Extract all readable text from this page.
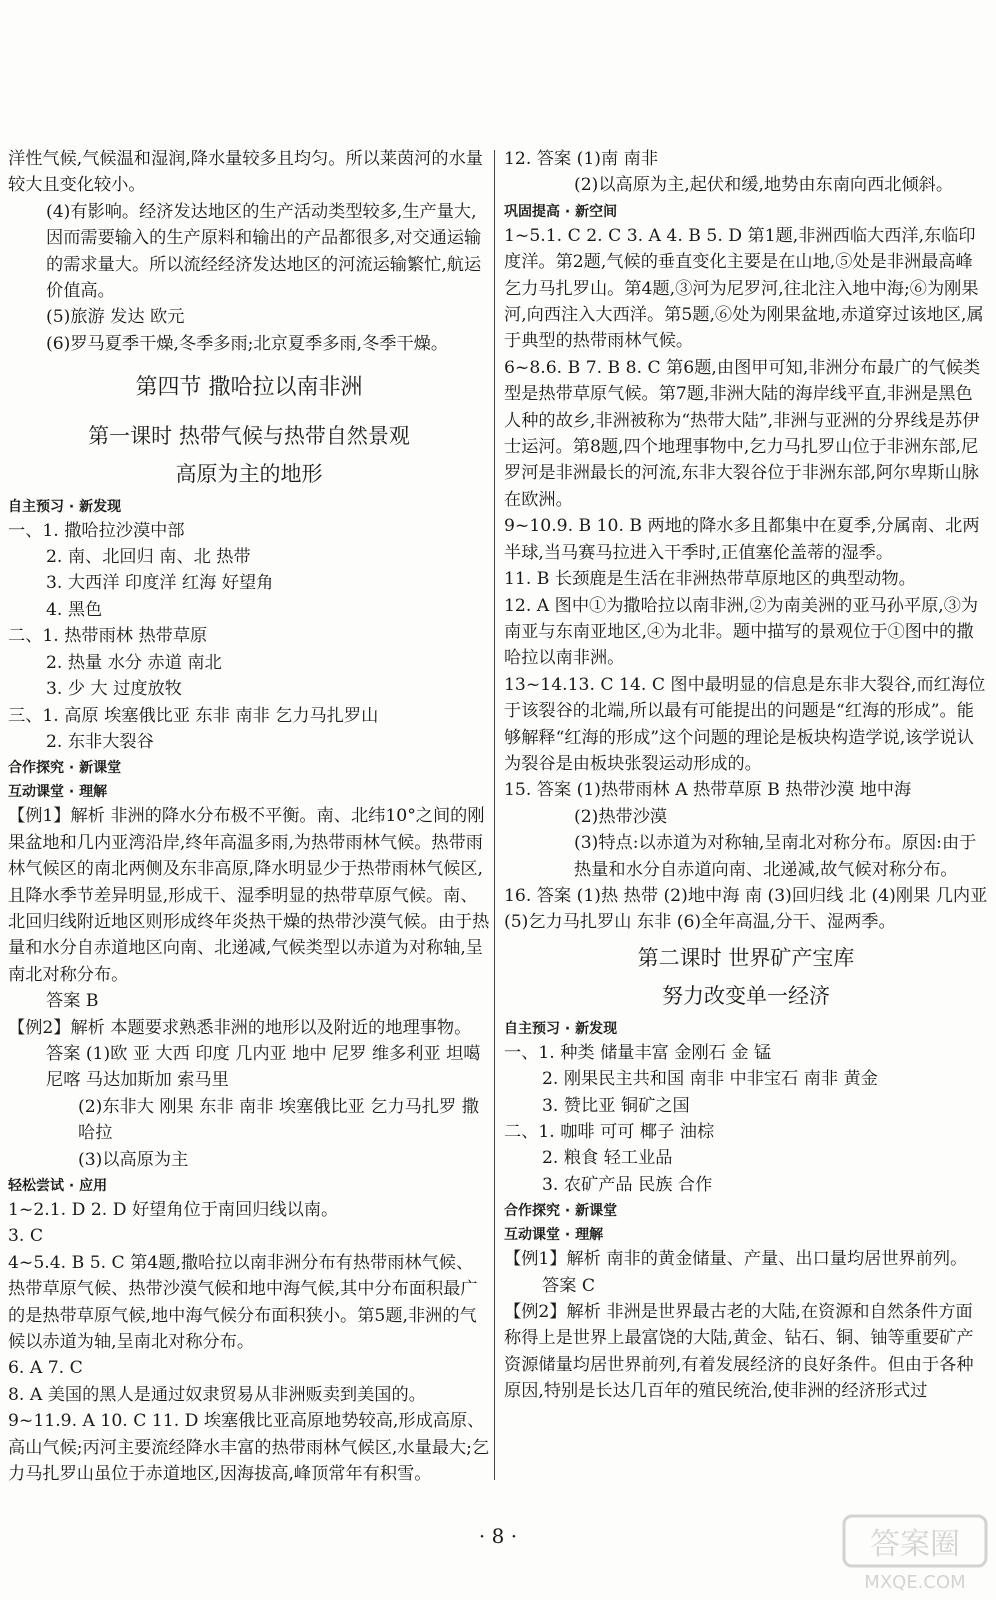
洋性气候,气候温和湿润,降水量较多且均匀。所以莱茵河的水量较大且变化较小。
(4)有影响。经济发达地区的生产活动类型较多,生产量大,因而需要输入的生产原料和输出的产品都很多,对交通运输的需求量大。所以流经经济发达地区的河流运输繁忙,航运价值高。
(5)旅游 发达 欧元
(6)罗马夏季干燥,冬季多雨;北京夏季多雨,冬季干燥。
第四节 撒哈拉以南非洲
第一课时 热带气候与热带自然景观
高原为主的地形
自主预习 · 新发现
一、1. 撒哈拉沙漠中部
2. 南、北回归 南、北 热带
3. 大西洋 印度洋 红海 好望角
4. 黑色
二、1. 热带雨林 热带草原
2. 热量 水分 赤道 南北
3. 少 大 过度放牧
三、1. 高原 埃塞俄比亚 东非 南非 乞力马扎罗山
2. 东非大裂谷
合作探究 · 新课堂
互动课堂 · 理解
【例1】解析 非洲的降水分布极不平衡。南、北纬10°之间的刚果盆地和几内亚湾沿岸,终年高温多雨,为热带雨林气候。热带雨林气候区的南北两侧及东非高原,降水明显少于热带雨林气候区,且降水季节差异明显,形成干、湿季明显的热带草原气候。南、北回归线附近地区则形成终年炎热干燥的热带沙漠气候。由于热量和水分自赤道地区向南、北递减,气候类型以赤道为对称轴,呈南北对称分布。
答案 B
【例2】解析 本题要求熟悉非洲的地形以及附近的地理事物。
答案 (1)欧 亚 大西 印度 几内亚 地中 尼罗 维多利亚 坦噶尼喀 马达加斯加 索马里
(2)东非大 刚果 东非 南非 埃塞俄比亚 乞力马扎罗 撒哈拉
(3)以高原为主
轻松尝试 · 应用
1~2.1. D 2. D 好望角位于南回归线以南。
3. C
4~5.4. B 5. C 第4题,撒哈拉以南非洲分布有热带雨林气候、热带草原气候、热带沙漠气候和地中海气候,其中分布面积最广的是热带草原气候,地中海气候分布面积狭小。第5题,非洲的气候以赤道为轴,呈南北对称分布。
6. A 7. C
8. A 美国的黑人是通过奴隶贸易从非洲贩卖到美国的。
9~11.9. A 10. C 11. D 埃塞俄比亚高原地势较高,形成高原、高山气候;丙河主要流经降水丰富的热带雨林气候区,水量最大;乞力马扎罗山虽位于赤道地区,因海拔高,峰顶常年有积雪。
12. 答案 (1)南 南非
(2)以高原为主,起伏和缓,地势由东南向西北倾斜。
巩固提高 · 新空间
1~5.1. C 2. C 3. A 4. B 5. D 第1题,非洲西临大西洋,东临印度洋。第2题,气候的垂直变化主要是在山地,⑤处是非洲最高峰乞力马扎罗山。第4题,③河为尼罗河,往北注入地中海;⑥为刚果河,向西注入大西洋。第5题,⑥处为刚果盆地,赤道穿过该地区,属于典型的热带雨林气候。
6~8.6. B 7. B 8. C 第6题,由图甲可知,非洲分布最广的气候类型是热带草原气候。第7题,非洲大陆的海岸线平直,非洲是黑色人种的故乡,非洲被称为“热带大陆”,非洲与亚洲的分界线是苏伊士运河。第8题,四个地理事物中,乞力马扎罗山位于非洲东部,尼罗河是非洲最长的河流,东非大裂谷位于非洲东部,阿尔卑斯山脉在欧洲。
9~10.9. B 10. B 两地的降水多且都集中在夏季,分属南、北两半球,当马赛马拉进入干季时,正值塞伦盖蒂的湿季。
11. B 长颈鹿是生活在非洲热带草原地区的典型动物。
12. A 图中①为撒哈拉以南非洲,②为南美洲的亚马孙平原,③为南亚与东南亚地区,④为北非。题中描写的景观位于①图中的撒哈拉以南非洲。
13~14.13. C 14. C 图中最明显的信息是东非大裂谷,而红海位于该裂谷的北端,所以最有可能提出的问题是“红海的形成”。能够解释“红海的形成”这个问题的理论是板块构造学说,该学说认为裂谷是由板块张裂运动形成的。
15. 答案 (1)热带雨林 A 热带草原 B 热带沙漠 地中海
(2)热带沙漠
(3)特点:以赤道为对称轴,呈南北对称分布。原因:由于热量和水分自赤道向南、北递减,故气候对称分布。
16. 答案 (1)热 热带 (2)地中海 南 (3)回归线 北 (4)刚果 几内亚 (5)乞力马扎罗山 东非 (6)全年高温,分干、湿两季。
第二课时 世界矿产宝库
努力改变单一经济
自主预习 · 新发现
一、1. 种类 储量丰富 金刚石 金 锰
2. 刚果民主共和国 南非 中非宝石 南非 黄金
3. 赞比亚 铜矿之国
二、1. 咖啡 可可 椰子 油棕
2. 粮食 轻工业品
3. 农矿产品 民族 合作
合作探究 · 新课堂
互动课堂 · 理解
【例1】解析 南非的黄金储量、产量、出口量均居世界前列。
答案 C
【例2】解析 非洲是世界最古老的大陆,在资源和自然条件方面称得上是世界上最富饶的大陆,黄金、钻石、铜、铀等重要矿产资源储量均居世界前列,有着发展经济的良好条件。但由于各种原因,特别是长达几百年的殖民统治,使非洲的经济形式过
· 8 ·	答案圈
MXQE.COM
